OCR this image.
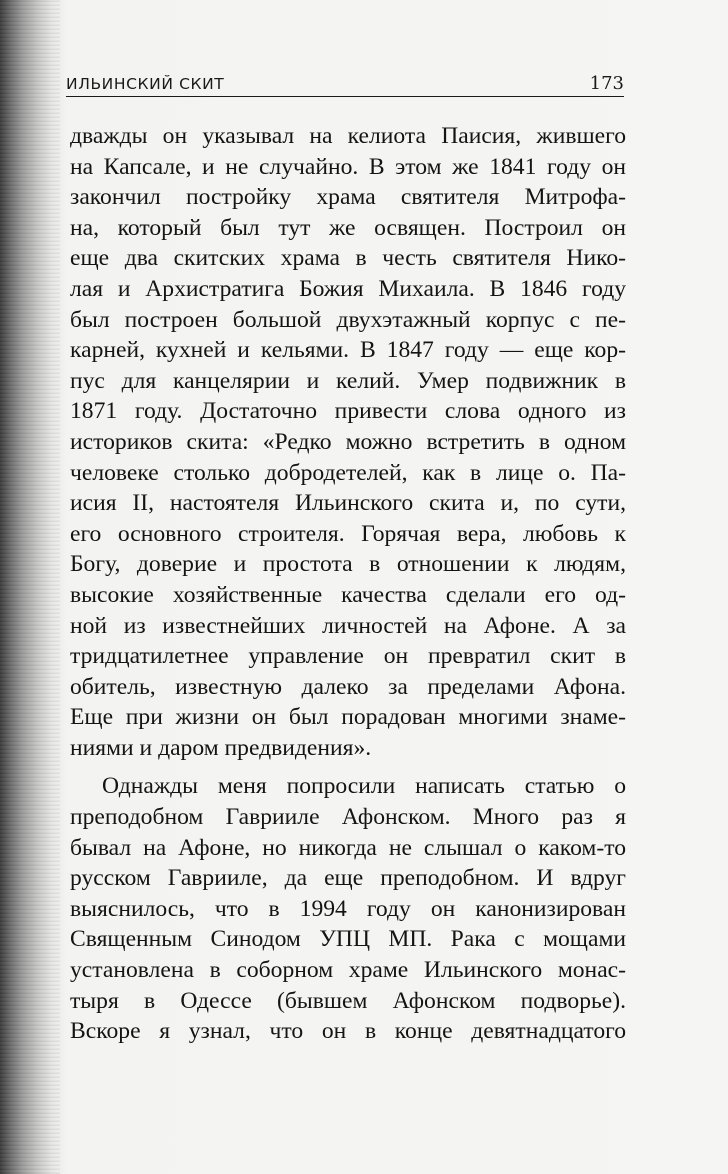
ИЛЬИНСКИЙ СКИТ	173
дважды он указывал на келиота Паисия, жившего
на Капсале, и не случайно. В этом же 1841 году он
закончил постройку храма святителя Митрофа-
на, который был тут же освящен. Построил он
еще два скитских храма в честь святителя Нико-
лая и Архистратига Божия Михаила. В 1846 году
был построен большой двухэтажный корпус с пе-
карней, кухней и кельями. В 1847 году — еще кор-
пус для канцелярии и келий. Умер подвижник в
1871 году. Достаточно привести слова одного из
историков скита: «Редко можно встретить в одном
человеке столько добродетелей, как в лице о. Па-
исия II, настоятеля Ильинского скита и, по сути,
его основного строителя. Горячая вера, любовь к
Богу, доверие и простота в отношении к людям,
высокие хозяйственные качества сделали его од-
ной из известнейших личностей на Афоне. А за
тридцатилетнее управление он превратил скит в
обитель, известную далеко за пределами Афона.
Еще при жизни он был порадован многими знаме-
ниями и даром предвидения».
Однажды меня попросили написать статью о
преподобном Гаврииле Афонском. Много раз я
бывал на Афоне, но никогда не слышал о каком-то
русском Гаврииле, да еще преподобном. И вдруг
выяснилось, что в 1994 году он канонизирован
Священным Синодом УПЦ МП. Рака с мощами
установлена в соборном храме Ильинского монас-
тыря в Одессе (бывшем Афонском подворье).
Вскоре я узнал, что он в конце девятнадцатого
